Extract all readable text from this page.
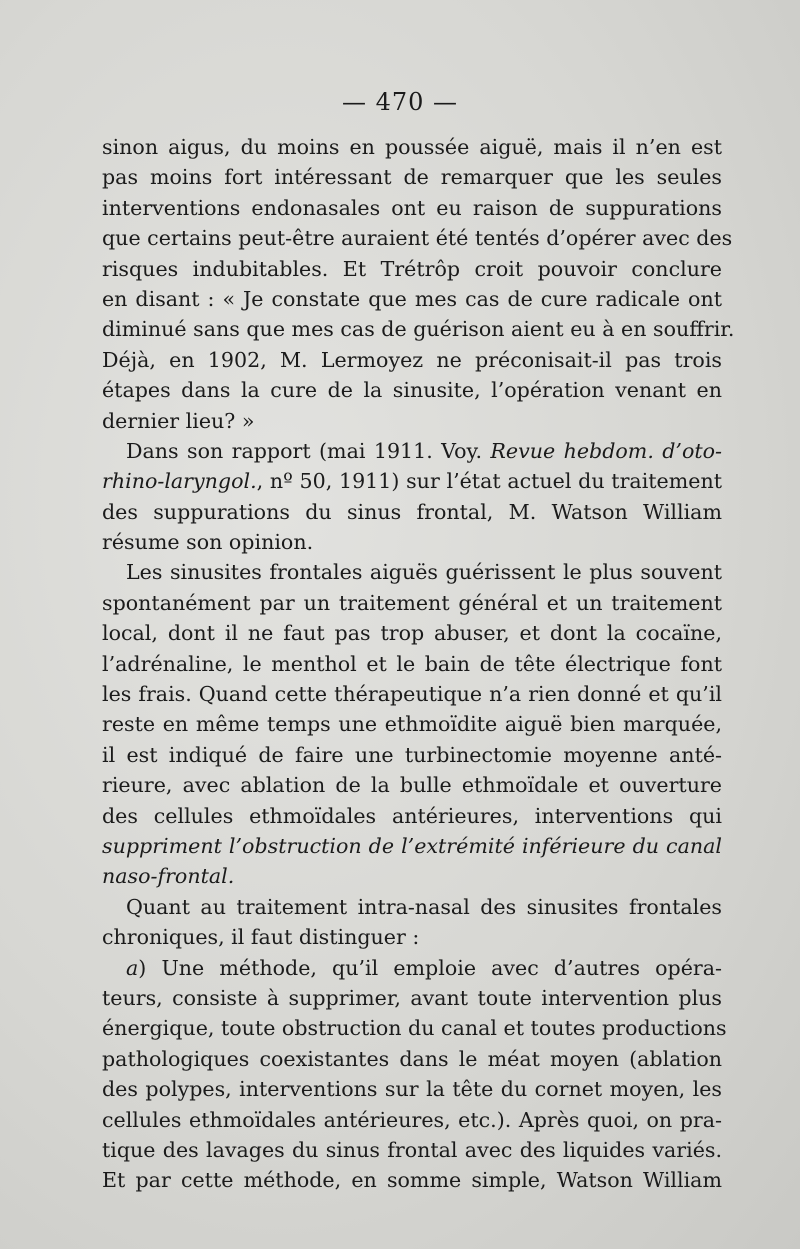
— 470 —
sinon aigus, du moins en poussée aiguë, mais il n’en est
pas moins fort intéressant de remarquer que les seules
interventions endonasales ont eu raison de suppurations
que certains peut-être auraient été tentés d’opérer avec des
risques indubitables. Et Trétrôp croit pouvoir conclure
en disant : « Je constate que mes cas de cure radicale ont
diminué sans que mes cas de guérison aient eu à en souffrir.
Déjà, en 1902, M. Lermoyez ne préconisait-il pas trois
étapes dans la cure de la sinusite, l’opération venant en
dernier lieu? »
Dans son rapport (mai 1911. Voy. Revue hebdom. d’oto-
rhino-laryngol., nº 50, 1911) sur l’état actuel du traitement
des suppurations du sinus frontal, M. Watson William
résume son opinion.
Les sinusites frontales aiguës guérissent le plus souvent
spontanément par un traitement général et un traitement
local, dont il ne faut pas trop abuser, et dont la cocaïne,
l’adrénaline, le menthol et le bain de tête électrique font
les frais. Quand cette thérapeutique n’a rien donné et qu’il
reste en même temps une ethmoïdite aiguë bien marquée,
il est indiqué de faire une turbinectomie moyenne anté-
rieure, avec ablation de la bulle ethmoïdale et ouverture
des cellules ethmoïdales antérieures, interventions qui
suppriment l’obstruction de l’extrémité inférieure du canal
naso-frontal.
Quant au traitement intra-nasal des sinusites frontales
chroniques, il faut distinguer :
a) Une méthode, qu’il emploie avec d’autres opéra-
teurs, consiste à supprimer, avant toute intervention plus
énergique, toute obstruction du canal et toutes productions
pathologiques coexistantes dans le méat moyen (ablation
des polypes, interventions sur la tête du cornet moyen, les
cellules ethmoïdales antérieures, etc.). Après quoi, on pra-
tique des lavages du sinus frontal avec des liquides variés.
Et par cette méthode, en somme simple, Watson William
